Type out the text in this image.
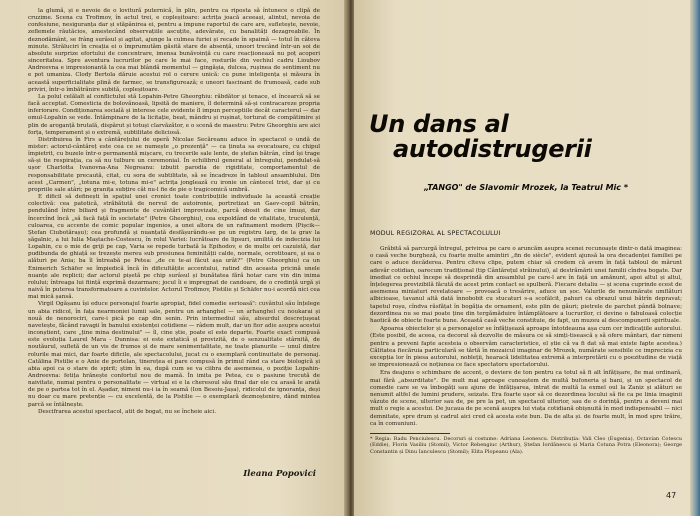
la glumă, și e nevoie de o lovitură puternică, în plin, pentru ca riposta să întunece o clipă de cruzime. Scena cu Trofimov, în actul trei, e copleșitoare: actrița joacă aceeași, alintul, nevoia de confesiune, nesiguranța dar și stăpânirea ei, pentru a impune raportul de care are, sufletește, nevoie, zeflemele răutăcios, amestecând observațiile ascuțite, adevărate, cu banalități dezagreabile. În deznodământ, se frâng surâsul și agitat, ajunge la culmea furiei și recade în spaimă — totul în câteva minute. Străluciri în creația ei o împrumutăm găsită stare de absență, unoori trecând într-un soi de absolute surprize efortului de concentrare, imensa bunăvoință cu care reacționează nu poț acoperi sinceritatea. Spre aventura lucrurilor pe care le mai face, rosturile din vechiul cadru Lioubov Andreevna e impresionantă la cea mai blândă momentul — gingășia, dulcea, rușinea de sentiment nu e pot umaniza. Clody Bertola dăruie acestui rol o cerere unică: cu pune inteligența și măsura în această superficialitate plină de farmec, se transfigurează; e uneori fascinant de frumoasă, cade sub priviri, într-o îmbătrânire subită, copleșitoare.

La polul celălalt al conflictului stă Lopahin-Petre Gheorghiu: răbdător și tenace, el încearcă să se facă acceptat. Comesticia de bolovănoasă, lipsită de maniere, îl determină să-și contracareze propria inferiorare. Condiționarea socială și interese cele evidente îl impun perceptiile decât caracterul — dar omul-Lopahin se vede. Întâmpinare de la licitație, beat, mândru și rușinat, torturat de compătimire și plin de aroganță brutală, dispărut și totuși clarvăzător, e o scenă de maestru: Petre Gheorghiu are aici forța, temperament și o extremă, subtilitate deliciosă.

Distribuirea în Firs a cântărețului de operă Nicolae Secăreanu aduce în spectacol o undă de mister: actorul-cântăreț este cea ce se numește „o prezență" — ca ținuta sa evocatoare, cu chipul împietrit, cu buzele într-o permanentă mișcare, cu trecerile sale lente, de ștefan bătrân, cînd își trage să-și tie respirația, ca să nu tulbure un ceremonial. În echilibrul general al întregului, pendulat-să ușor Charlotta Ivanovna-Ana Negreanu: izbutit parodia de rigiditate, comportamentul de responsabilitate precaută, citat, cu sora de subtilitate, să se încadreze în tabloul ansamblului. Din acest „Carmen", „totuna mi-e, totuna mi-e" actrița jonglează cu ironie un cântecel trist, dar și cu propriile sale atâri; pe granița subțire cât nu-l fie de pie o tragicomică umbră.

E dificil să definești în spațiul unei cronici toate contribuțiile individuale la această creație colectivă: cea patetică, străbătută de nervul de autoironie, portretizat un Gaev-copil bătrân, pendulând între biliard și fragmente de cuvântări improvizate, parcă obosit de cine îmuși, dar încercînd încă „să facă față în societate" (Petre Gheorghiu), cea expoldând de vitalitate, truculență, culoarea, cu accente de comic popular ingenios, a unei altora de un rafinament modern (Pișcik—Ștefan Ciubotărașu); cea profundă și nuanțată desfășurându-se pe un registru larg, de la grav la șăgalnic, a lui Iulia Maștache-Costescu, în rolul Variei: lucrătoare de lipsuri, umilită de indecizia lui Lopahin, cu o mie de griji pe cap, Varia se repede turbată la Epihodov, e de multe ori cazuistă, dar pudibunda de ghiață se trezește mereu sub presiunea feminității calde, normale, ocrotitoare, și ea o alături pe Ania; ba îl întreabă pe Petea: „de ce te-ai făcut așa urât?" (Petre Gheorghiu) ca un Enimerich Schäfer se împiedică încă în dificultățile accentului, ratind din aceasta pricină unele nuanțe ale replicii; dar actorul pișetă pe chip surâsul și bunătatea fără hotar care vin din inima rolului; întreaga lui ființă exprimă dezarmare; jocul îi e impregnat de candoare, de o credință urgă și naivă în puterea transformatoare a cuvintelor. Actorul Trofimov, Pistilie și Schäfer nu-i acordă nici cea mai mică șansă.

Virgil Ogășanu își educe personajul foarte apropiat, fidel comedie serioasă": cuvântul său înțelege un abia ridicol, în fața nearmoniei lumii sale, pentru un arhanghel — un arhanghel cu noukarai și nouă de nenorociri, care-i pică pe cap din senin. Prin intermediul său, absurdul descrețușeat navetește, făcând ravagii în banului existenței cotidiene — râdem mult, dar un fior adie asupra acestui inconștient, care „ține mina destinului" — îl, cine știe, poate el este departe. Foarte exact compusă este evoluția Laurel Mara - Dunnisa: ei este extatică și provizită, de o senzualitate stârnită, de noutăurul, sufletă de un vis de frumos și de mare senimentalitate, ne toate planurile — unul dintre rolurile mai mici, dar foarte dificile, ale spectacolului, jucat cu o exemplară continuitate de personaj. Catălina Pistilie e o Anie de portelan, tinerețea ei pare compusă în primul rând ca stare biologică și abia apoi ca o stare de spirit; știm în ea, după cum se va ciibra de asemenea, o poziție Lopahin-Andreevna: fetița hrănește confortul nou de mamă. În imita pe Petea, cu o pasiune trecută de naivitate, numai pentru o personalitate — virtual ei e la cheresoul său final dar ele cu arasă le arată de pe o partea tot în el. Așadar, nimeni nu-i ia în seamă (Ion Besoiu-Jașa), ridicolul de ignoranța, deși nu doar cu mare pretenție — cu excelentă, de la Pistilie — o exemplară dezmoștenire, dând mintea parcă se întâlnește.

Descifrarea acestui spectacol, atit de bogat, nu se încheie aici.

Ileana Popovici
Un dans al
autodistrugerii
„TANGO" de Slavomir Mrozek, la Teatrul Mic *
MODUL REGIZORAL AL SPECTACOLULUI

Grăbită să parcurgă întregul, privirea pe care o aruncăm asupra scenei recunoaște dintr-o dată imaginea: o casă veche burgheză, cu foarte multe amintiri „fin de siècle", evident ajunsă la ora decadenței familiei pe care o aduce decăderea. Pentru clteva clipe, putem chiar să credem că avem în față tabloul de mărunt adevăr cotidian, oarecum tradițional (tip Cântărețul străinului), al destrămării unei familii cîndva bogate. Dar imediat ce ochiul începe să desprindă din ansamblul pe care-l are în față un amănunt, apoi altul și altul, înțelegerea previzibilă făcută de acest prim contact se spulberă. Fiecare detaliu — și scena cuprinde ecest de asemenea miniaturi revelatoare — provoacă o tresărire, aduce un șoc. Valurile de nenumărate umflături albicioase, tavanul altă dată înnobobit cu stucaturi s-a scofâlcit, pahuri ca obrazul unui bătrîn depravat; tapetul roșu, cîndva răsfățat în bogăția de ornament, este plin de găuri; pietrele de parchet pândă bolnave; dezordinea nu se mai poate ține din tergămăduire întâmplătoare a lucrurilor, ci devine o fabuloasă colecție haotică de obiecte foarte bune. Această casă veche constituie, de fapt, un muzeu al descompunerii spirituale.

Apoarea obiectelor și a personajelor se înfățișează aproape întotdeauna așa cum cer indicațiile autorului. (Este posibil, de aceea, ca decorul să dezvolte de măsura ce să simți-tisească ș să ofere mântari, dar nimeni pentru a preveni fapte acesteia o observăm caracteristice, el știe că va fi dat să mai existe fapte acestea.) Călitatea fiecăruia particulară se tărtă în mozaicul imaginar de Mrozek, numărate sensibile ce imprecizia cu excepția lor în piesa autorului, nobleții, hearacă lidelitatea extremă a interpretării cu o poezitudine de viață se impresionează ce noțiunea ce face spectatoru spectatorului.

Era deajuns o schimbare de accent, o deviere de ton pentru ca totul să fi alt înfățișare, fie mai ordinară, mai fără „absurditate". De mult mai aproape cunoaștem de multă bufoneria și bani, și un spectacol de comedie care se va îmbogăți sau ajuns de înfățișarea, intrat de multă la exmel oul la Zaniz și alături se nenumit altfel de lumini prudere, seizate. Era foarte ușor să ce dezordinea locului să fie ca pe linia imaginii văzute de scene, ulterior sau de, pe pre la pet, un spectacol ulterior, sau de o dorință, pentru a deveni mai mult o regie a acestui. De jucaua de pe scenă asupra lui viața cotidiană obișnuită în mod indispensabil — nici demnitate, spre drum și cadrul aici cred că acesta este bun. Da de alta și. de foarte mult, în mod spre trăire, ca în comuniuni.

* Regia: Radu Penciulescu. Decoruri și costume: Adriana Leonescu. Distribuția: Vali Cleo (Eugenia), Octavian Cotescu (Eddie), Florin Vasiliu (Stomil), Victor Rebengiuc (Arthur), Ștefan Iordănescu și Maria Cotuna Potra (Eleonora); George Constantin și Dinu Ianculescu (Stomil); Elita Plopeanu (Ala).
47
